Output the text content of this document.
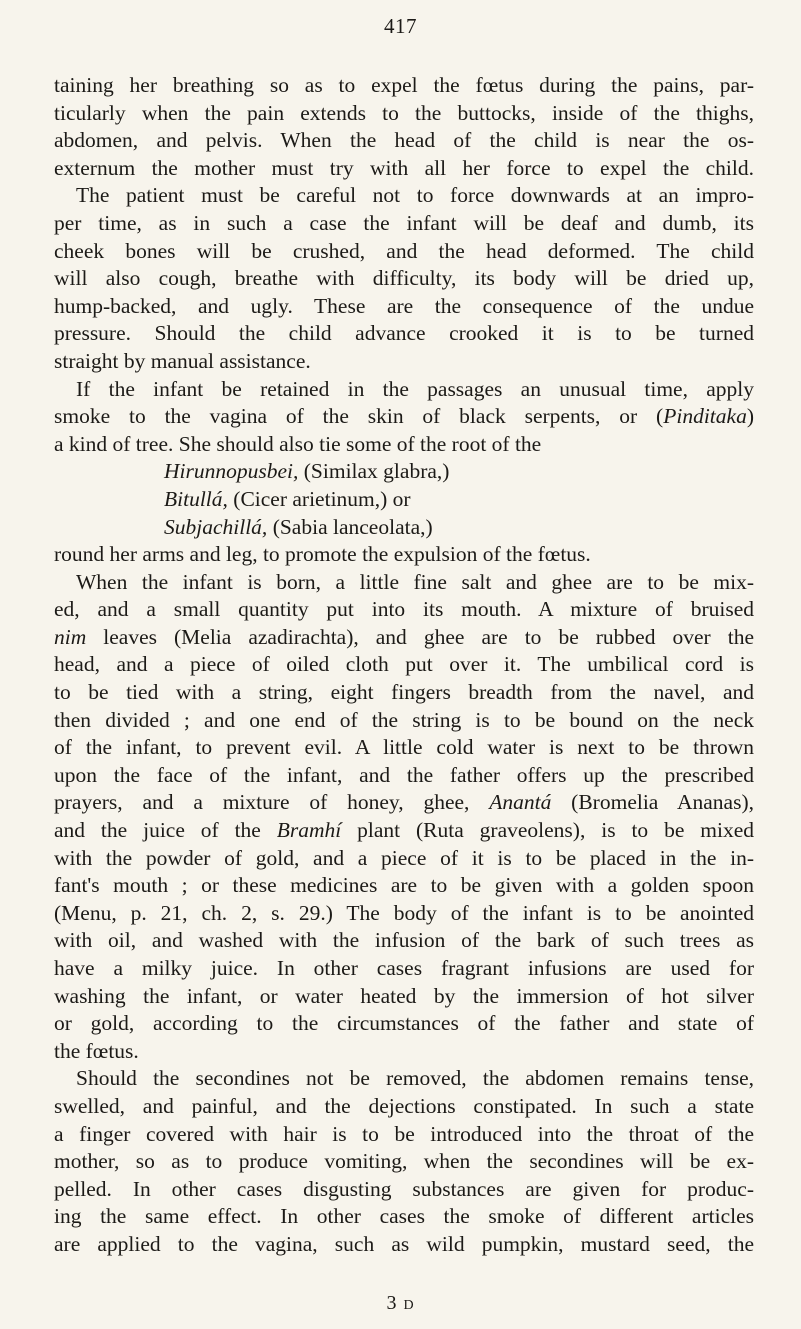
417
taining her breathing so as to expel the fœtus during the pains, par-
ticularly when the pain extends to the buttocks, inside of the thighs,
abdomen, and pelvis. When the head of the child is near the os-
externum the mother must try with all her force to expel the child.
The patient must be careful not to force downwards at an impro-
per time, as in such a case the infant will be deaf and dumb, its
cheek bones will be crushed, and the head deformed. The child
will also cough, breathe with difficulty, its body will be dried up,
hump-backed, and ugly. These are the consequence of the undue
pressure. Should the child advance crooked it is to be turned
straight by manual assistance.
If the infant be retained in the passages an unusual time, apply
smoke to the vagina of the skin of black serpents, or (Pinditaka)
a kind of tree. She should also tie some of the root of the
Hirunnopusbei, (Similax glabra,)
Bitullá, (Cicer arietinum,) or
Subjachillá, (Sabia lanceolata,)
round her arms and leg, to promote the expulsion of the fœtus.
When the infant is born, a little fine salt and ghee are to be mix-
ed, and a small quantity put into its mouth. A mixture of bruised
nim leaves (Melia azadirachta), and ghee are to be rubbed over the
head, and a piece of oiled cloth put over it. The umbilical cord is
to be tied with a string, eight fingers breadth from the navel, and
then divided ; and one end of the string is to be bound on the neck
of the infant, to prevent evil. A little cold water is next to be thrown
upon the face of the infant, and the father offers up the prescribed
prayers, and a mixture of honey, ghee, Anantá (Bromelia Ananas),
and the juice of the Bramhí plant (Ruta graveolens), is to be mixed
with the powder of gold, and a piece of it is to be placed in the in-
fant's mouth ; or these medicines are to be given with a golden spoon
(Menu, p. 21, ch. 2, s. 29.) The body of the infant is to be anointed
with oil, and washed with the infusion of the bark of such trees as
have a milky juice. In other cases fragrant infusions are used for
washing the infant, or water heated by the immersion of hot silver
or gold, according to the circumstances of the father and state of
the fœtus.
Should the secondines not be removed, the abdomen remains tense,
swelled, and painful, and the dejections constipated. In such a state
a finger covered with hair is to be introduced into the throat of the
mother, so as to produce vomiting, when the secondines will be ex-
pelled. In other cases disgusting substances are given for produc-
ing the same effect. In other cases the smoke of different articles
are applied to the vagina, such as wild pumpkin, mustard seed, the
3 D
